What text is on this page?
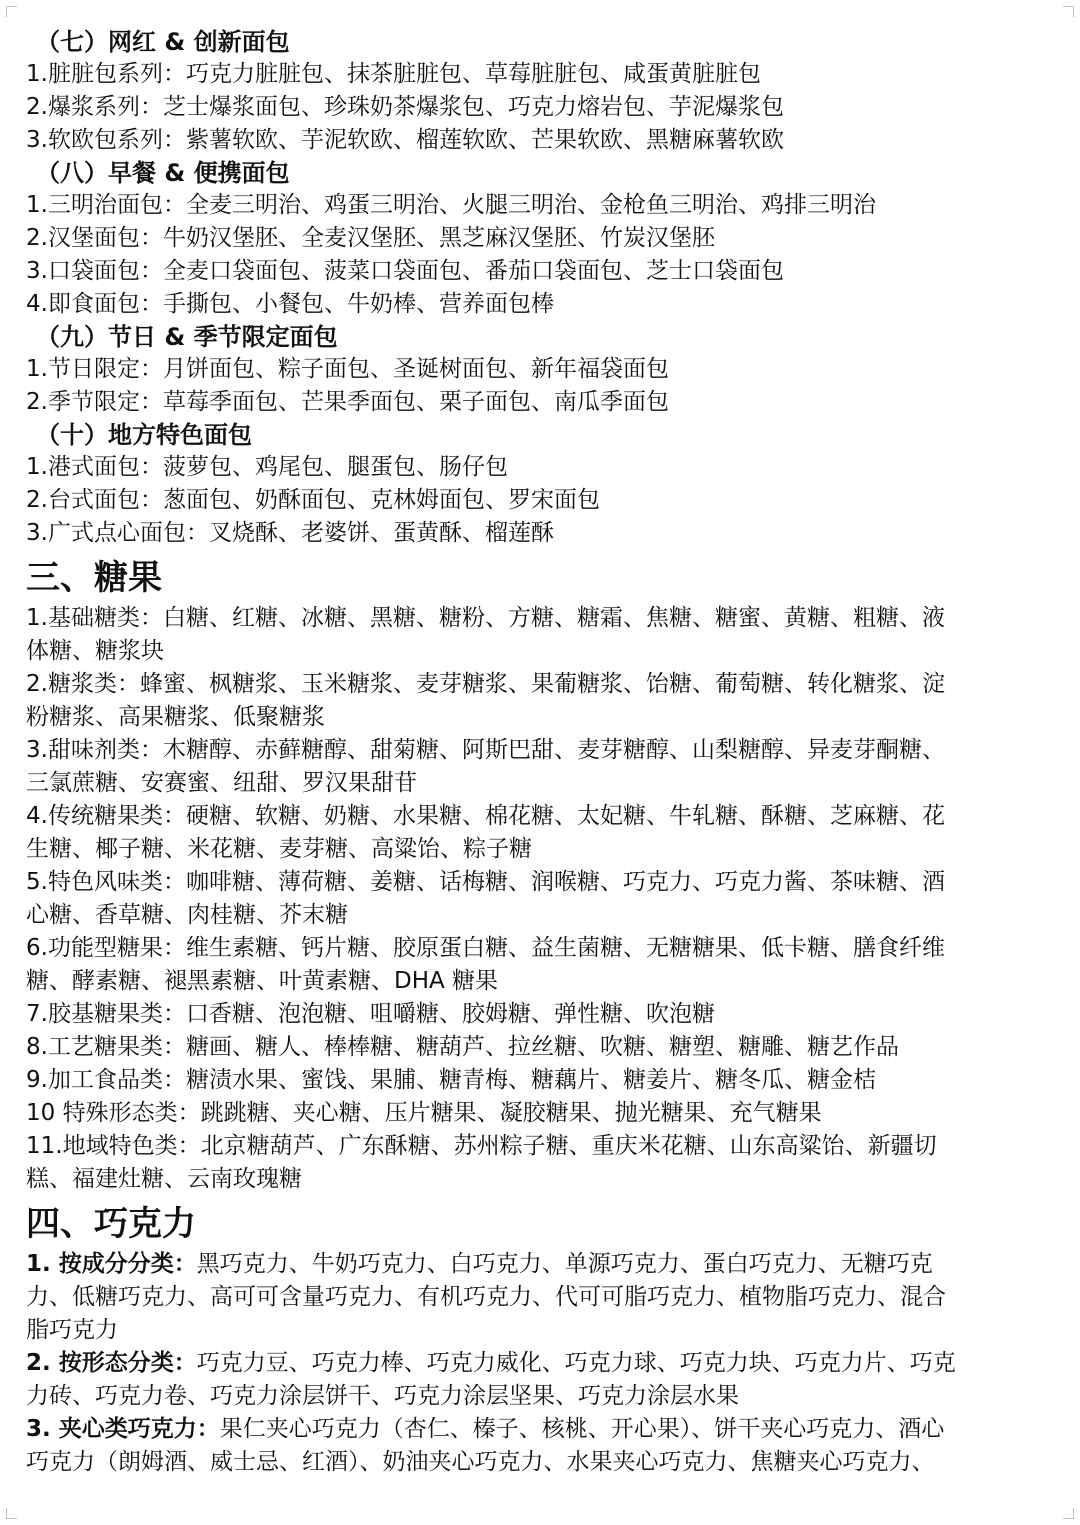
（七）网红 & 创新面包
1.脏脏包系列：巧克力脏脏包、抹茶脏脏包、草莓脏脏包、咸蛋黄脏脏包
2.爆浆系列：芝士爆浆面包、珍珠奶茶爆浆包、巧克力熔岩包、芋泥爆浆包
3.软欧包系列：紫薯软欧、芋泥软欧、榴莲软欧、芒果软欧、黑糖麻薯软欧
（八）早餐 & 便携面包
1.三明治面包：全麦三明治、鸡蛋三明治、火腿三明治、金枪鱼三明治、鸡排三明治
2.汉堡面包：牛奶汉堡胚、全麦汉堡胚、黑芝麻汉堡胚、竹炭汉堡胚
3.口袋面包：全麦口袋面包、菠菜口袋面包、番茄口袋面包、芝士口袋面包
4.即食面包：手撕包、小餐包、牛奶棒、营养面包棒
（九）节日 & 季节限定面包
1.节日限定：月饼面包、粽子面包、圣诞树面包、新年福袋面包
2.季节限定：草莓季面包、芒果季面包、栗子面包、南瓜季面包
（十）地方特色面包
1.港式面包：菠萝包、鸡尾包、腿蛋包、肠仔包
2.台式面包：葱面包、奶酥面包、克林姆面包、罗宋面包
3.广式点心面包：叉烧酥、老婆饼、蛋黄酥、榴莲酥
三、糖果
1.基础糖类：白糖、红糖、冰糖、黑糖、糖粉、方糖、糖霜、焦糖、糖蜜、黄糖、粗糖、液
体糖、糖浆块
2.糖浆类：蜂蜜、枫糖浆、玉米糖浆、麦芽糖浆、果葡糖浆、饴糖、葡萄糖、转化糖浆、淀
粉糖浆、高果糖浆、低聚糖浆
3.甜味剂类：木糖醇、赤藓糖醇、甜菊糖、阿斯巴甜、麦芽糖醇、山梨糖醇、异麦芽酮糖、
三氯蔗糖、安赛蜜、纽甜、罗汉果甜苷
4.传统糖果类：硬糖、软糖、奶糖、水果糖、棉花糖、太妃糖、牛轧糖、酥糖、芝麻糖、花
生糖、椰子糖、米花糖、麦芽糖、高粱饴、粽子糖
5.特色风味类：咖啡糖、薄荷糖、姜糖、话梅糖、润喉糖、巧克力、巧克力酱、茶味糖、酒
心糖、香草糖、肉桂糖、芥末糖
6.功能型糖果：维生素糖、钙片糖、胶原蛋白糖、益生菌糖、无糖糖果、低卡糖、膳食纤维
糖、酵素糖、褪黑素糖、叶黄素糖、DHA 糖果
7.胶基糖果类：口香糖、泡泡糖、咀嚼糖、胶姆糖、弹性糖、吹泡糖
8.工艺糖果类：糖画、糖人、棒棒糖、糖葫芦、拉丝糖、吹糖、糖塑、糖雕、糖艺作品
9.加工食品类：糖渍水果、蜜饯、果脯、糖青梅、糖藕片、糖姜片、糖冬瓜、糖金桔
10 特殊形态类：跳跳糖、夹心糖、压片糖果、凝胶糖果、抛光糖果、充气糖果
11.地域特色类：北京糖葫芦、广东酥糖、苏州粽子糖、重庆米花糖、山东高粱饴、新疆切
糕、福建灶糖、云南玫瑰糖
四、巧克力
1. 按成分分类：黑巧克力、牛奶巧克力、白巧克力、单源巧克力、蛋白巧克力、无糖巧克
力、低糖巧克力、高可可含量巧克力、有机巧克力、代可可脂巧克力、植物脂巧克力、混合
脂巧克力
2. 按形态分类：巧克力豆、巧克力棒、巧克力威化、巧克力球、巧克力块、巧克力片、巧克
力砖、巧克力卷、巧克力涂层饼干、巧克力涂层坚果、巧克力涂层水果
3. 夹心类巧克力：果仁夹心巧克力（杏仁、榛子、核桃、开心果）、饼干夹心巧克力、酒心
巧克力（朗姆酒、威士忌、红酒）、奶油夹心巧克力、水果夹心巧克力、焦糖夹心巧克力、
